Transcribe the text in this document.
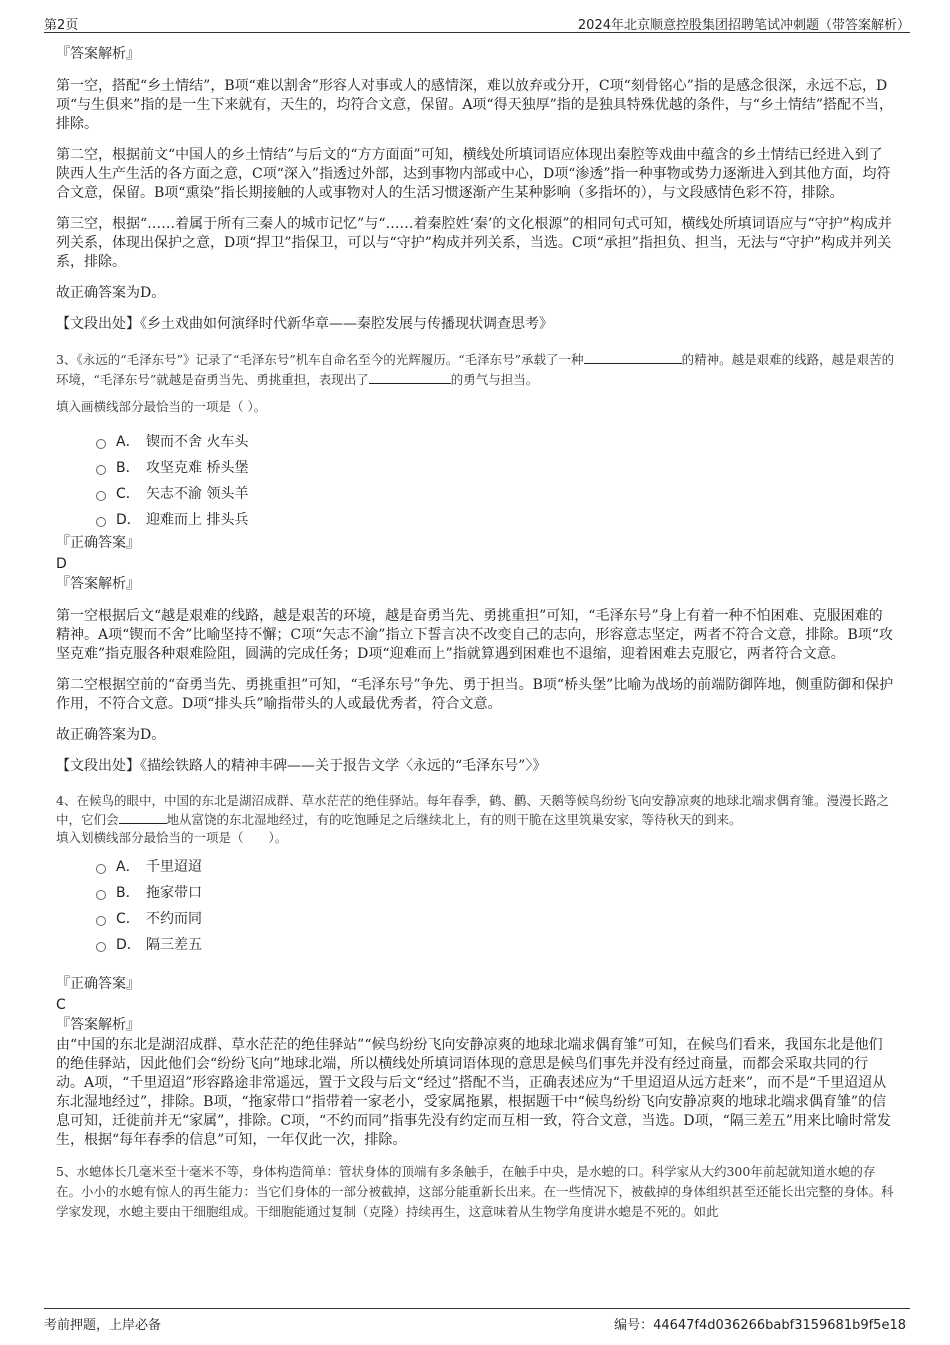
第2页	2024年北京顺意控股集团招聘笔试冲刺题（带答案解析）
『答案解析』
第一空，搭配“乡土情结”，B项“难以割舍”形容人对事或人的感情深，难以放弃或分开，C项“刻骨铭心”指的是感念很深，永远不忘，D项“与生俱来”指的是一生下来就有，天生的，均符合文意，保留。A项“得天独厚”指的是独具特殊优越的条件，与“乡土情结”搭配不当，排除。
第二空，根据前文“中国人的乡土情结”与后文的“方方面面”可知，横线处所填词语应体现出秦腔等戏曲中蕴含的乡土情结已经进入到了陕西人生产生活的各方面之意，C项“深入”指透过外部，达到事物内部或中心，D项“渗透”指一种事物或势力逐渐进入到其他方面，均符合文意，保留。B项“熏染”指长期接触的人或事物对人的生活习惯逐渐产生某种影响（多指坏的），与文段感情色彩不符，排除。
第三空，根据“……着属于所有三秦人的城市记忆”与“……着秦腔姓‘秦’的文化根源”的相同句式可知，横线处所填词语应与“守护”构成并列关系，体现出保护之意，D项“捍卫”指保卫，可以与“守护”构成并列关系，当选。C项“承担”指担负、担当，无法与“守护”构成并列关系，排除。
故正确答案为D。
【文段出处】《乡土戏曲如何演绎时代新华章——秦腔发展与传播现状调查思考》
3、《永远的“毛泽东号”》记录了“毛泽东号”机车自命名至今的光辉履历。“毛泽东号”承载了一种	的精神。越是艰难的线路，越是艰苦的环境，“毛泽东号”就越是奋勇当先、勇挑重担，表现出了	的勇气与担当。
填入画横线部分最恰当的一项是（ ）。
A． 锲而不舍 火车头
B． 攻坚克难 桥头堡
C． 矢志不渝 领头羊
D． 迎难而上 排头兵
『正确答案』
D
『答案解析』
第一空根据后文“越是艰难的线路，越是艰苦的环境，越是奋勇当先、勇挑重担”可知，“毛泽东号”身上有着一种不怕困难、克服困难的精神。A项“锲而不舍”比喻坚持不懈；C项“矢志不渝”指立下誓言决不改变自己的志向，形容意志坚定，两者不符合文意，排除。B项“攻坚克难”指克服各种艰难险阻，圆满的完成任务；D项“迎难而上”指就算遇到困难也不退缩，迎着困难去克服它，两者符合文意。
第二空根据空前的“奋勇当先、勇挑重担”可知，“毛泽东号”争先、勇于担当。B项“桥头堡”比喻为战场的前端防御阵地，侧重防御和保护作用，不符合文意。D项“排头兵”喻指带头的人或最优秀者，符合文意。
故正确答案为D。
【文段出处】《描绘铁路人的精神丰碑——关于报告文学〈永远的“毛泽东号”〉》
4、在候鸟的眼中，中国的东北是湖沼成群、草水茫茫的绝佳驿站。每年春季，鹤、鹳、天鹅等候鸟纷纷飞向安静凉爽的地球北端求偶育雏。漫漫长路之中，它们会	地从富饶的东北湿地经过，有的吃饱睡足之后继续北上，有的则干脆在这里筑巢安家，等待秋天的到来。
填入划横线部分最恰当的一项是（　　）。
A． 千里迢迢
B． 拖家带口
C． 不约而同
D． 隔三差五
『正确答案』
C
『答案解析』
由“中国的东北是湖沼成群、草水茫茫的绝佳驿站”“候鸟纷纷飞向安静凉爽的地球北端求偶育雏”可知，在候鸟们看来，我国东北是他们的绝佳驿站，因此他们会“纷纷飞向”地球北端，所以横线处所填词语体现的意思是候鸟们事先并没有经过商量，而都会采取共同的行动。A项，“千里迢迢”形容路途非常遥远，置于文段与后文“经过”搭配不当，正确表述应为“千里迢迢从远方赶来”，而不是“千里迢迢从东北湿地经过”，排除。B项，“拖家带口”指带着一家老小，受家属拖累，根据题干中“候鸟纷纷飞向安静凉爽的地球北端求偶育雏”的信息可知，迁徙前并无“家属”，排除。C项，“不约而同”指事先没有约定而互相一致，符合文意，当选。D项，“隔三差五”用来比喻时常发生，根据“每年春季的信息”可知，一年仅此一次，排除。
5、水螅体长几毫米至十毫米不等，身体构造简单：管状身体的顶端有多条触手，在触手中央，是水螅的口。科学家从大约300年前起就知道水螅的存在。小小的水螅有惊人的再生能力：当它们身体的一部分被截掉，这部分能重新长出来。在一些情况下，被截掉的身体组织甚至还能长出完整的身体。科学家发现，水螅主要由干细胞组成。干细胞能通过复制（克隆）持续再生，这意味着从生物学角度讲水螅是不死的。如此
考前押题，上岸必备	编号：44647f4d036266babf3159681b9f5e18
